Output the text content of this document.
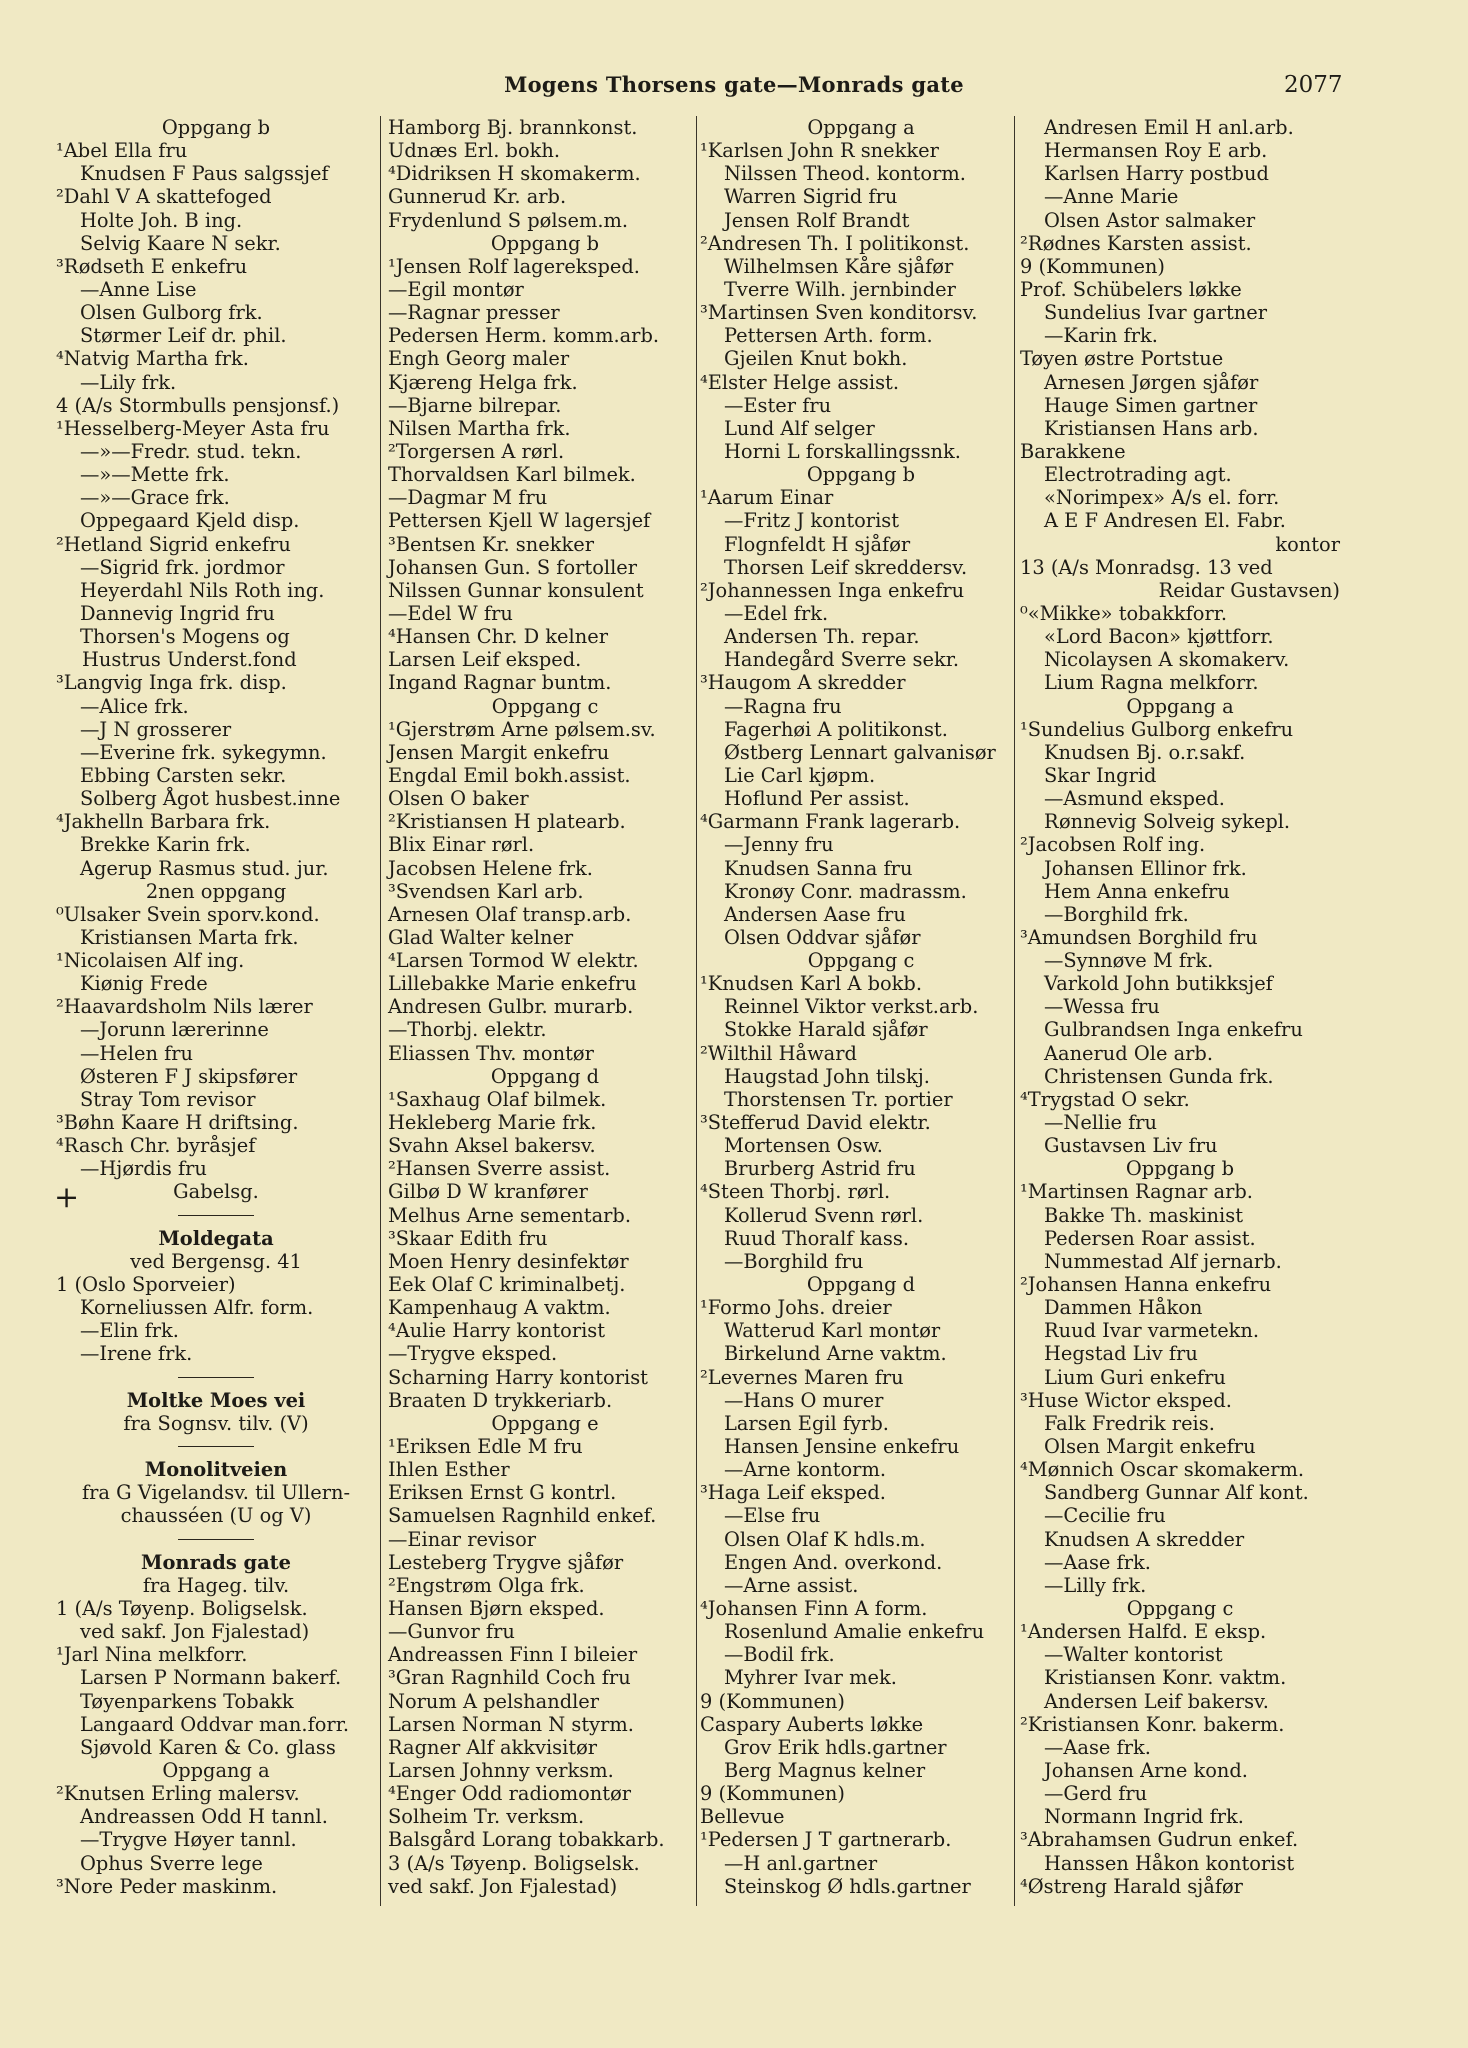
Mogens Thorsens gate—Monrads gate	2077
Oppgang b
¹Abel Ella fru
Knudsen F Paus salgssjef
²Dahl V A skattefoged
Holte Joh. B ing.
Selvig Kaare N sekr.
³Rødseth E enkefru
—Anne Lise
Olsen Gulborg frk.
Størmer Leif dr. phil.
⁴Natvig Martha frk.
—Lily frk.
4 (A/s Stormbulls pensjonsf.)
¹Hesselberg-Meyer Asta fru
—»—Fredr. stud. tekn.
—»—Mette frk.
—»—Grace frk.
Oppegaard Kjeld disp.
²Hetland Sigrid enkefru
—Sigrid frk. jordmor
Heyerdahl Nils Roth ing.
Dannevig Ingrid fru
Thorsen's Mogens og
Hustrus Underst.fond
³Langvig Inga frk. disp.
—Alice frk.
—J N grosserer
—Everine frk. sykegymn.
Ebbing Carsten sekr.
Solberg Ågot husbest.inne
⁴Jakhelln Barbara frk.
Brekke Karin frk.
Agerup Rasmus stud. jur.
2nen oppgang
⁰Ulsaker Svein sporv.kond.
Kristiansen Marta frk.
¹Nicolaisen Alf ing.
Kiønig Frede
²Haavardsholm Nils lærer
—Jorunn lærerinne
—Helen fru
Østeren F J skipsfører
Stray Tom revisor
³Bøhn Kaare H driftsing.
⁴Rasch Chr. byråsjef
—Hjørdis fru
Gabelsg.
Moldegata
ved Bergensg. 41
1 (Oslo Sporveier)
Korneliussen Alfr. form.
—Elin frk.
—Irene frk.
Moltke Moes vei
fra Sognsv. tilv. (V)
Monolitveien
fra G Vigelandsv. til Ullern-
chausséen (U og V)
Monrads gate
fra Hageg. tilv.
1 (A/s Tøyenp. Boligselsk.
ved sakf. Jon Fjalestad)
¹Jarl Nina melkforr.
Larsen P Normann bakerf.
Tøyenparkens Tobakk
Langaard Oddvar man.forr.
Sjøvold Karen & Co. glass
Oppgang a
²Knutsen Erling malersv.
Andreassen Odd H tannl.
—Trygve Høyer tannl.
Ophus Sverre lege
³Nore Peder maskinm.
Hamborg Bj. brannkonst.
Udnæs Erl. bokh.
⁴Didriksen H skomakerm.
Gunnerud Kr. arb.
Frydenlund S pølsem.m.
Oppgang b
¹Jensen Rolf lagereksped.
—Egil montør
—Ragnar presser
Pedersen Herm. komm.arb.
Engh Georg maler
Kjæreng Helga frk.
—Bjarne bilrepar.
Nilsen Martha frk.
²Torgersen A rørl.
Thorvaldsen Karl bilmek.
—Dagmar M fru
Pettersen Kjell W lagersjef
³Bentsen Kr. snekker
Johansen Gun. S fortoller
Nilssen Gunnar konsulent
—Edel W fru
⁴Hansen Chr. D kelner
Larsen Leif eksped.
Ingand Ragnar buntm.
Oppgang c
¹Gjerstrøm Arne pølsem.sv.
Jensen Margit enkefru
Engdal Emil bokh.assist.
Olsen O baker
²Kristiansen H platearb.
Blix Einar rørl.
Jacobsen Helene frk.
³Svendsen Karl arb.
Arnesen Olaf transp.arb.
Glad Walter kelner
⁴Larsen Tormod W elektr.
Lillebakke Marie enkefru
Andresen Gulbr. murarb.
—Thorbj. elektr.
Eliassen Thv. montør
Oppgang d
¹Saxhaug Olaf bilmek.
Hekleberg Marie frk.
Svahn Aksel bakersv.
²Hansen Sverre assist.
Gilbø D W kranfører
Melhus Arne sementarb.
³Skaar Edith fru
Moen Henry desinfektør
Eek Olaf C kriminalbetj.
Kampenhaug A vaktm.
⁴Aulie Harry kontorist
—Trygve eksped.
Scharning Harry kontorist
Braaten D trykkeriarb.
Oppgang e
¹Eriksen Edle M fru
Ihlen Esther
Eriksen Ernst G kontrl.
Samuelsen Ragnhild enkef.
—Einar revisor
Lesteberg Trygve sjåfør
²Engstrøm Olga frk.
Hansen Bjørn eksped.
—Gunvor fru
Andreassen Finn I bileier
³Gran Ragnhild Coch fru
Norum A pelshandler
Larsen Norman N styrm.
Ragner Alf akkvisitør
Larsen Johnny verksm.
⁴Enger Odd radiomontør
Solheim Tr. verksm.
Balsgård Lorang tobakkarb.
3 (A/s Tøyenp. Boligselsk.
ved sakf. Jon Fjalestad)
Oppgang a
¹Karlsen John R snekker
Nilssen Theod. kontorm.
Warren Sigrid fru
Jensen Rolf Brandt
²Andresen Th. I politikonst.
Wilhelmsen Kåre sjåfør
Tverre Wilh. jernbinder
³Martinsen Sven konditorsv.
Pettersen Arth. form.
Gjeilen Knut bokh.
⁴Elster Helge assist.
—Ester fru
Lund Alf selger
Horni L forskallingssnk.
Oppgang b
¹Aarum Einar
—Fritz J kontorist
Flognfeldt H sjåfør
Thorsen Leif skreddersv.
²Johannessen Inga enkefru
—Edel frk.
Andersen Th. repar.
Handegård Sverre sekr.
³Haugom A skredder
—Ragna fru
Fagerhøi A politikonst.
Østberg Lennart galvanisør
Lie Carl kjøpm.
Hoflund Per assist.
⁴Garmann Frank lagerarb.
—Jenny fru
Knudsen Sanna fru
Kronøy Conr. madrassm.
Andersen Aase fru
Olsen Oddvar sjåfør
Oppgang c
¹Knudsen Karl A bokb.
Reinnel Viktor verkst.arb.
Stokke Harald sjåfør
²Wilthil Håward
Haugstad John tilskj.
Thorstensen Tr. portier
³Stefferud David elektr.
Mortensen Osw.
Brurberg Astrid fru
⁴Steen Thorbj. rørl.
Kollerud Svenn rørl.
Ruud Thoralf kass.
—Borghild fru
Oppgang d
¹Formo Johs. dreier
Watterud Karl montør
Birkelund Arne vaktm.
²Levernes Maren fru
—Hans O murer
Larsen Egil fyrb.
Hansen Jensine enkefru
—Arne kontorm.
³Haga Leif eksped.
—Else fru
Olsen Olaf K hdls.m.
Engen And. overkond.
—Arne assist.
⁴Johansen Finn A form.
Rosenlund Amalie enkefru
—Bodil frk.
Myhrer Ivar mek.
9 (Kommunen)
Caspary Auberts løkke
Grov Erik hdls.gartner
Berg Magnus kelner
9 (Kommunen)
Bellevue
¹Pedersen J T gartnerarb.
—H anl.gartner
Steinskog Ø hdls.gartner
Andresen Emil H anl.arb.
Hermansen Roy E arb.
Karlsen Harry postbud
—Anne Marie
Olsen Astor salmaker
²Rødnes Karsten assist.
9 (Kommunen)
Prof. Schübelers løkke
Sundelius Ivar gartner
—Karin frk.
Tøyen østre Portstue
Arnesen Jørgen sjåfør
Hauge Simen gartner
Kristiansen Hans arb.
Barakkene
Electrotrading agt.
«Norimpex» A/s el. forr.
A E F Andresen El. Fabr.
kontor
13 (A/s Monradsg. 13 ved
Reidar Gustavsen)
⁰«Mikke» tobakkforr.
«Lord Bacon» kjøttforr.
Nicolaysen A skomakerv.
Lium Ragna melkforr.
Oppgang a
¹Sundelius Gulborg enkefru
Knudsen Bj. o.r.sakf.
Skar Ingrid
—Asmund eksped.
Rønnevig Solveig sykepl.
²Jacobsen Rolf ing.
Johansen Ellinor frk.
Hem Anna enkefru
—Borghild frk.
³Amundsen Borghild fru
—Synnøve M frk.
Varkold John butikksjef
—Wessa fru
Gulbrandsen Inga enkefru
Aanerud Ole arb.
Christensen Gunda frk.
⁴Trygstad O sekr.
—Nellie fru
Gustavsen Liv fru
Oppgang b
¹Martinsen Ragnar arb.
Bakke Th. maskinist
Pedersen Roar assist.
Nummestad Alf jernarb.
²Johansen Hanna enkefru
Dammen Håkon
Ruud Ivar varmetekn.
Hegstad Liv fru
Lium Guri enkefru
³Huse Wictor eksped.
Falk Fredrik reis.
Olsen Margit enkefru
⁴Mønnich Oscar skomakerm.
Sandberg Gunnar Alf kont.
—Cecilie fru
Knudsen A skredder
—Aase frk.
—Lilly frk.
Oppgang c
¹Andersen Halfd. E eksp.
—Walter kontorist
Kristiansen Konr. vaktm.
Andersen Leif bakersv.
²Kristiansen Konr. bakerm.
—Aase frk.
Johansen Arne kond.
—Gerd fru
Normann Ingrid frk.
³Abrahamsen Gudrun enkef.
Hanssen Håkon kontorist
⁴Østreng Harald sjåfør
+
